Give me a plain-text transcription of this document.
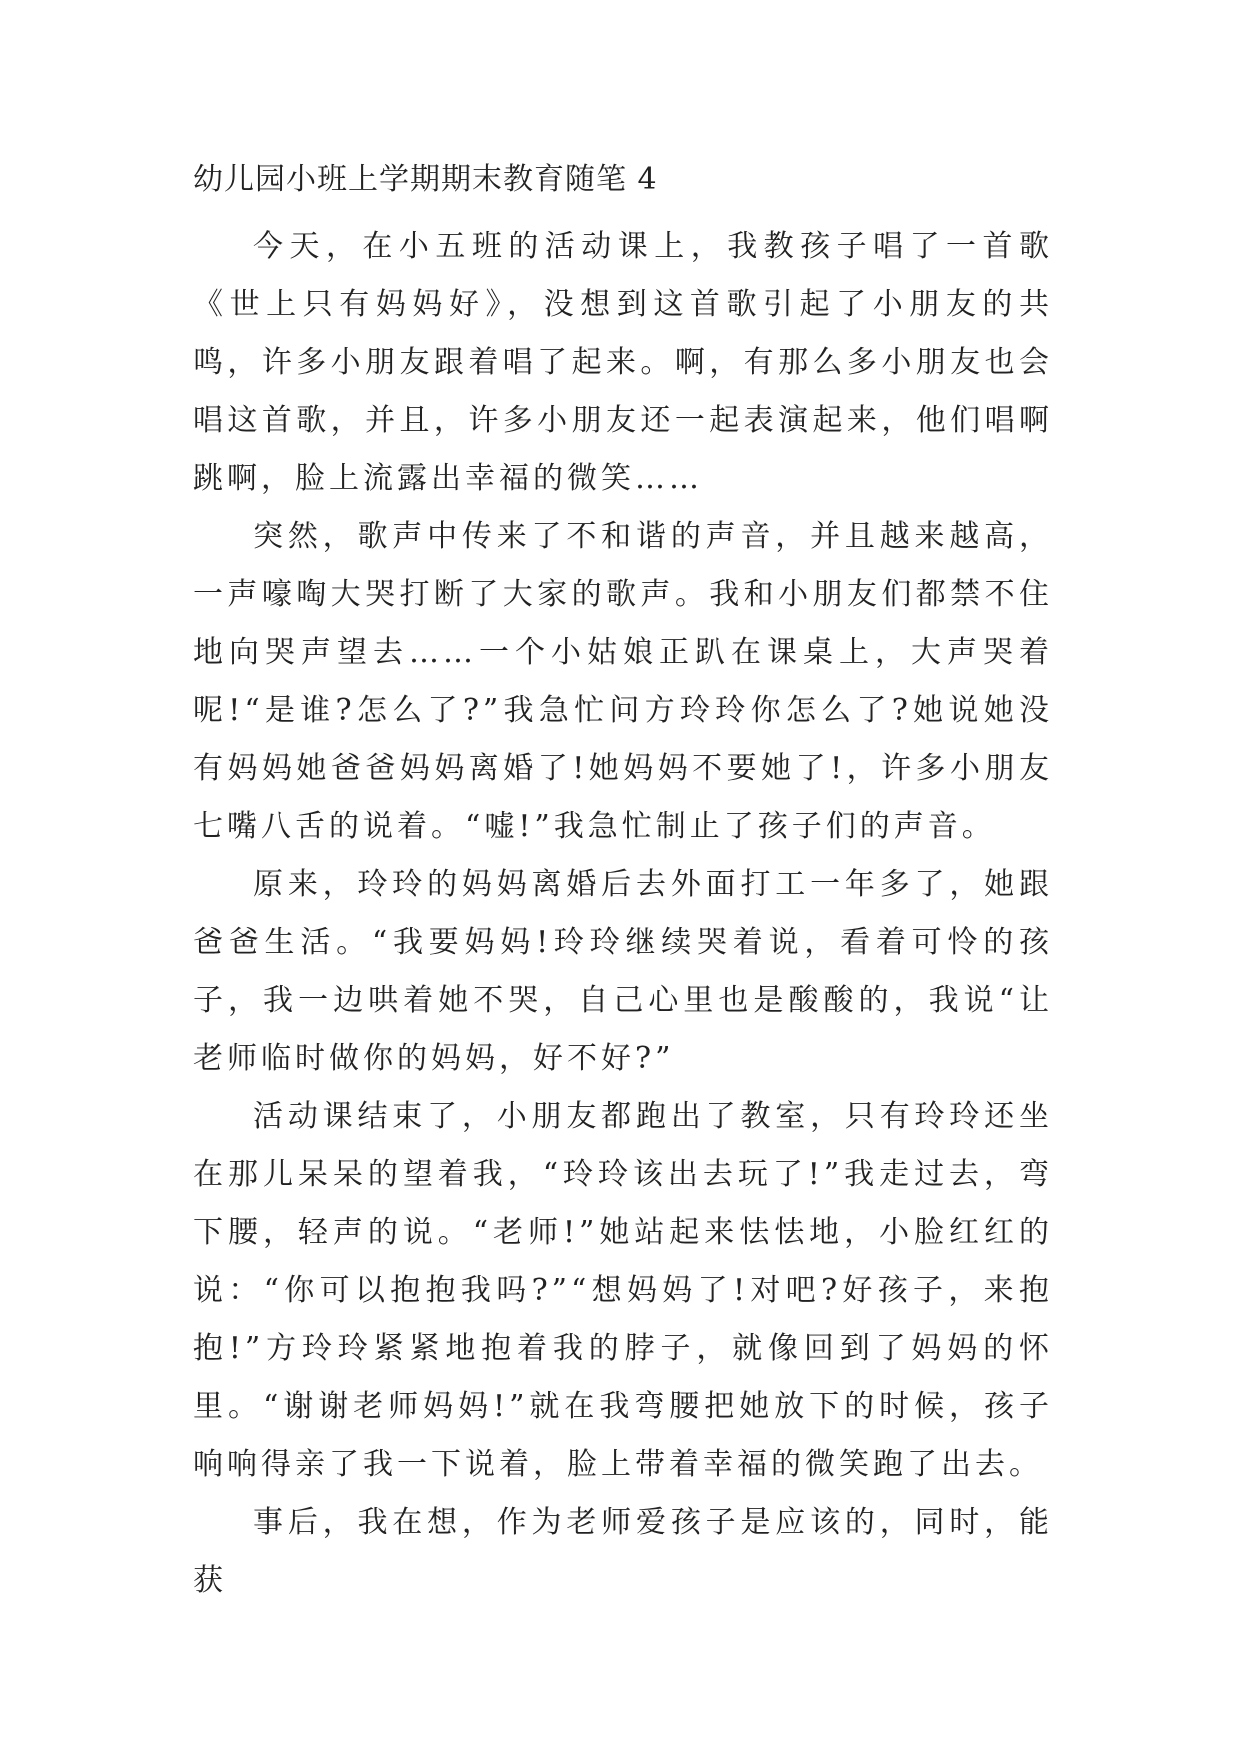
幼儿园小班上学期期末教育随笔 4

今天，在小五班的活动课上，我教孩子唱了一首歌《世上只有妈妈好》，没想到这首歌引起了小朋友的共鸣，许多小朋友跟着唱了起来。啊，有那么多小朋友也会唱这首歌，并且，许多小朋友还一起表演起来，他们唱啊跳啊，脸上流露出幸福的微笑……

突然，歌声中传来了不和谐的声音，并且越来越高，一声嚎啕大哭打断了大家的歌声。我和小朋友们都禁不住地向哭声望去……一个小姑娘正趴在课桌上，大声哭着呢!“是谁?怎么了?”我急忙问方玲玲你怎么了?她说她没有妈妈她爸爸妈妈离婚了!她妈妈不要她了!，许多小朋友七嘴八舌的说着。“嘘!”我急忙制止了孩子们的声音。

原来，玲玲的妈妈离婚后去外面打工一年多了，她跟爸爸生活。“我要妈妈!玲玲继续哭着说，看着可怜的孩子，我一边哄着她不哭，自己心里也是酸酸的，我说“让老师临时做你的妈妈，好不好?”

活动课结束了，小朋友都跑出了教室，只有玲玲还坐在那儿呆呆的望着我，“玲玲该出去玩了!”我走过去，弯下腰，轻声的说。“老师!”她站起来怯怯地，小脸红红的说：“你可以抱抱我吗?”“想妈妈了!对吧?好孩子，来抱抱!”方玲玲紧紧地抱着我的脖子，就像回到了妈妈的怀里。“谢谢老师妈妈!”就在我弯腰把她放下的时候，孩子响响得亲了我一下说着，脸上带着幸福的微笑跑了出去。

事后，我在想，作为老师爱孩子是应该的，同时，能获
